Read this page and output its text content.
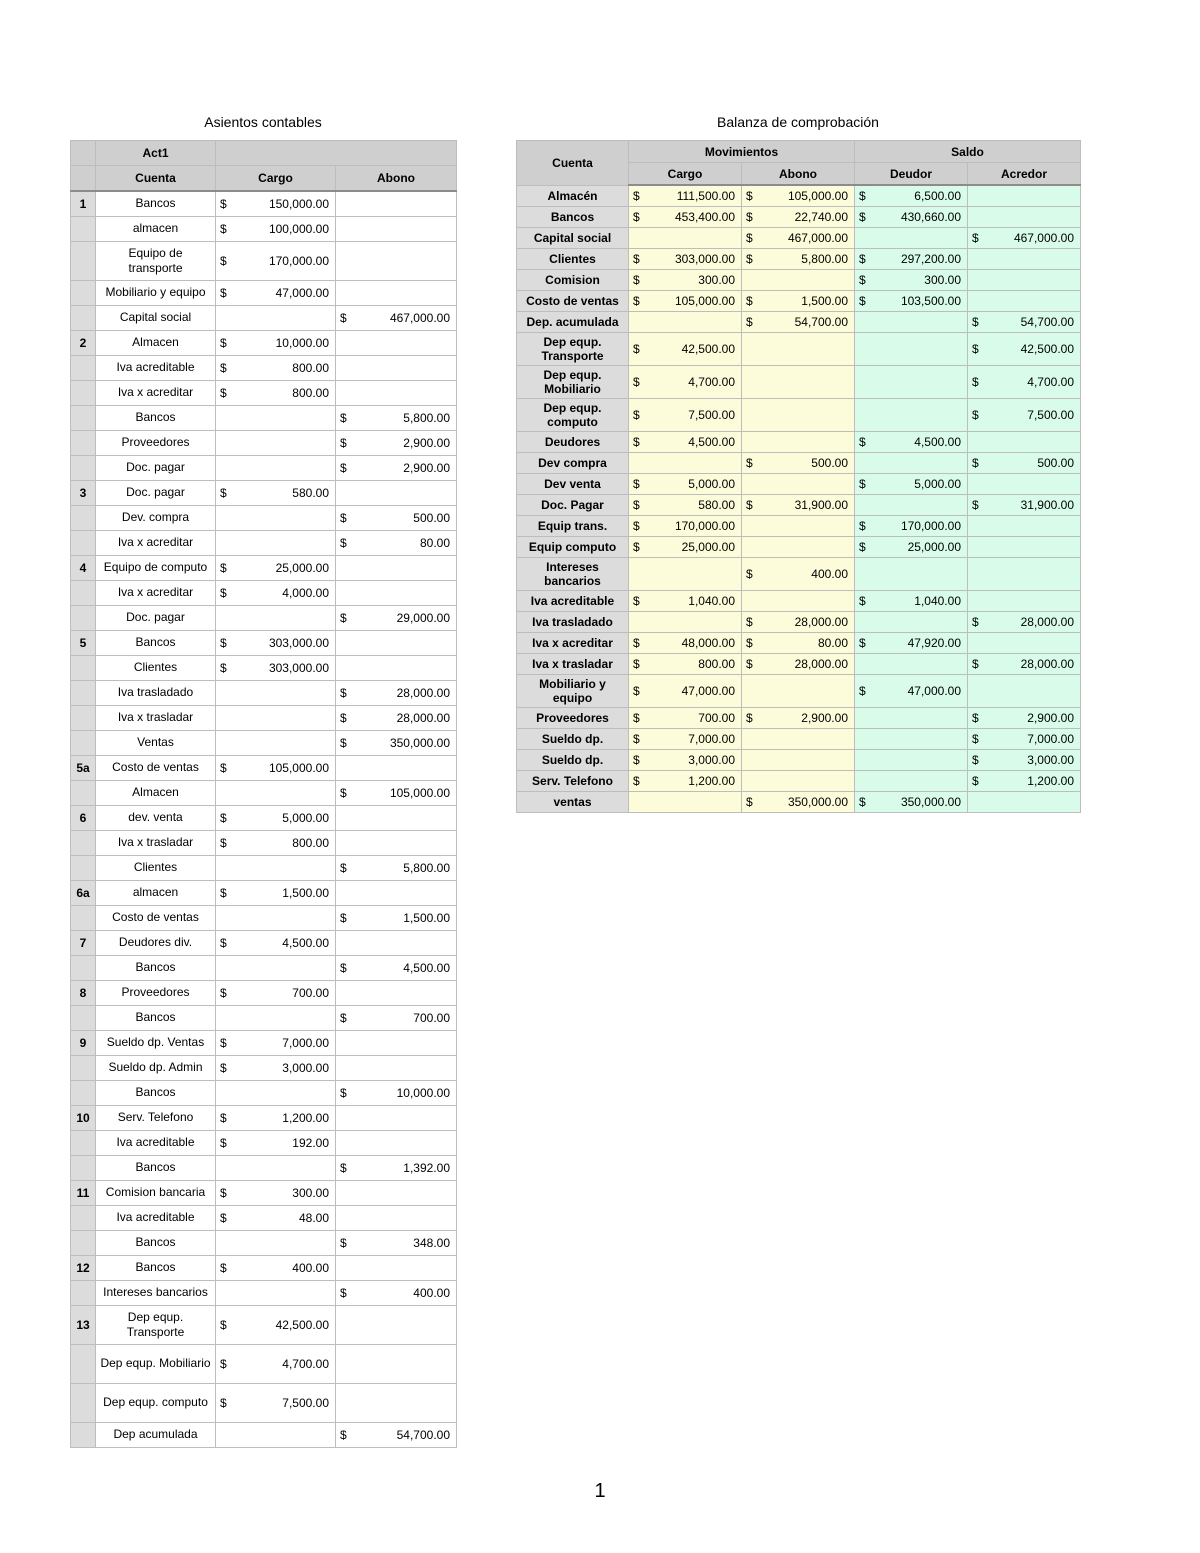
Asientos contables	Balanza de comprobación
	Act1		
	Cuenta	Cargo	Abono
1	Bancos	$ 150,000.00	
	almacen	$ 100,000.00	
	Equipo de transporte	$ 170,000.00	
	Mobiliario y equipo	$ 47,000.00	
	Capital social		$ 467,000.00
2	Almacen	$ 10,000.00	
	Iva acreditable	$ 800.00	
	Iva x acreditar	$ 800.00	
	Bancos		$ 5,800.00
	Proveedores		$ 2,900.00
	Doc. pagar		$ 2,900.00
3	Doc. pagar	$ 580.00	
	Dev. compra		$ 500.00
	Iva x acreditar		$ 80.00
4	Equipo de computo	$ 25,000.00	
	Iva x acreditar	$ 4,000.00	
	Doc. pagar		$ 29,000.00
5	Bancos	$ 303,000.00	
	Clientes	$ 303,000.00	
	Iva trasladado		$ 28,000.00
	Iva x trasladar		$ 28,000.00
	Ventas		$ 350,000.00
5a	Costo de ventas	$ 105,000.00	
	Almacen		$ 105,000.00
6	dev. venta	$ 5,000.00	
	Iva x trasladar	$ 800.00	
	Clientes		$ 5,800.00
6a	almacen	$ 1,500.00	
	Costo de ventas		$ 1,500.00
7	Deudores div.	$ 4,500.00	
	Bancos		$ 4,500.00
8	Proveedores	$ 700.00	
	Bancos		$ 700.00
9	Sueldo dp. Ventas	$ 7,000.00	
	Sueldo dp. Admin	$ 3,000.00	
	Bancos		$ 10,000.00
10	Serv. Telefono	$ 1,200.00	
	Iva acreditable	$ 192.00	
	Bancos		$ 1,392.00
11	Comision bancaria	$ 300.00	
	Iva acreditable	$ 48.00	
	Bancos		$ 348.00
12	Bancos	$ 400.00	
	Intereses bancarios		$ 400.00
13	Dep equp. Transporte	$ 42,500.00	
	Dep equp. Mobiliario	$ 4,700.00	
	Dep equp. computo	$ 7,500.00	
	Dep acumulada		$ 54,700.00
Cuenta	Movimientos		Saldo	
	Cargo	Abono	Deudor	Acredor
Almacén	$ 111,500.00	$ 105,000.00	$ 6,500.00	
Bancos	$ 453,400.00	$ 22,740.00	$ 430,660.00	
Capital social		$ 467,000.00		$ 467,000.00
Clientes	$ 303,000.00	$ 5,800.00	$ 297,200.00	
Comision	$ 300.00		$ 300.00	
Costo de ventas	$ 105,000.00	$ 1,500.00	$ 103,500.00	
Dep. acumulada		$ 54,700.00		$ 54,700.00
Dep equp. Transporte	$ 42,500.00			$ 42,500.00
Dep equp. Mobiliario	$ 4,700.00			$ 4,700.00
Dep equp. computo	$ 7,500.00			$ 7,500.00
Deudores	$ 4,500.00		$ 4,500.00	
Dev compra		$ 500.00		$ 500.00
Dev venta	$ 5,000.00		$ 5,000.00	
Doc. Pagar	$ 580.00	$ 31,900.00		$ 31,900.00
Equip trans.	$ 170,000.00		$ 170,000.00	
Equip computo	$ 25,000.00		$ 25,000.00	
Intereses bancarios		$ 400.00		
Iva acreditable	$ 1,040.00		$ 1,040.00	
Iva trasladado		$ 28,000.00		$ 28,000.00
Iva x acreditar	$ 48,000.00	$ 80.00	$ 47,920.00	
Iva x trasladar	$ 800.00	$ 28,000.00		$ 28,000.00
Mobiliario y equipo	$ 47,000.00		$ 47,000.00	
Proveedores	$ 700.00	$ 2,900.00		$ 2,900.00
Sueldo dp.	$ 7,000.00			$ 7,000.00
Sueldo dp.	$ 3,000.00			$ 3,000.00
Serv. Telefono	$ 1,200.00			$ 1,200.00
ventas		$ 350,000.00	$ 350,000.00	
1
